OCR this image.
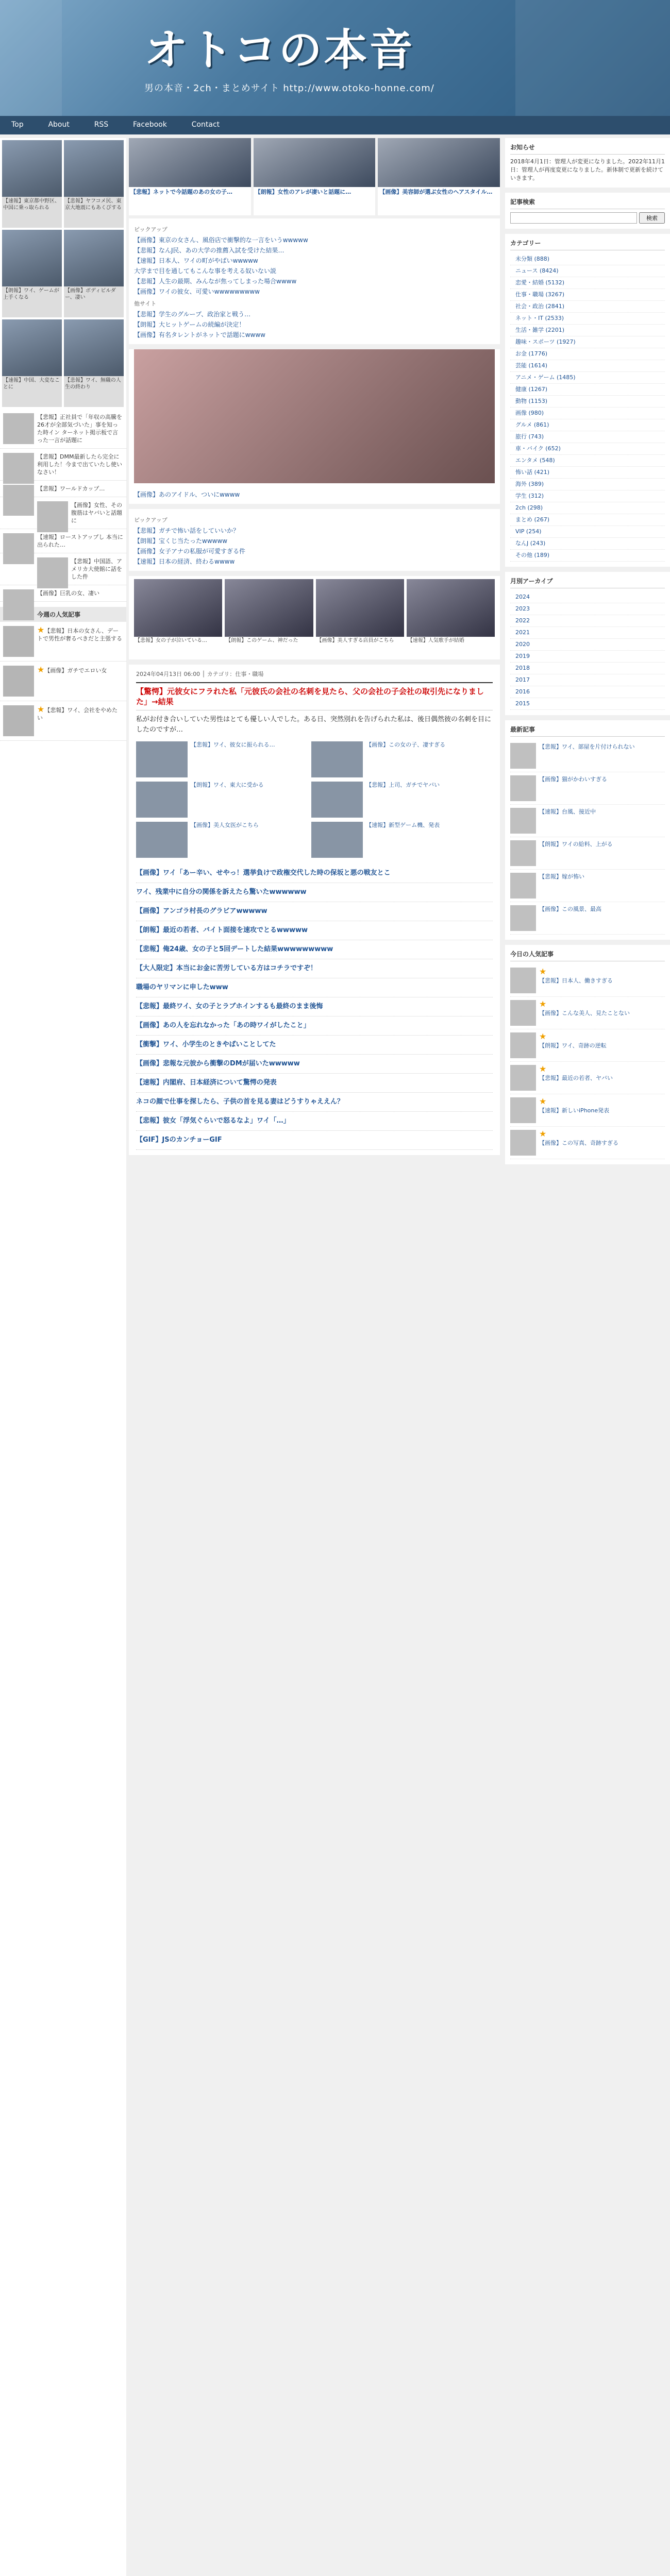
オトコの本音
男の本音・2ch・まとめサイト http://www.otoko-honne.com/
Top	About	RSS	Facebook	Contact
【速報】東京都中野区、中国に乗っ取られる
【悲報】ヤフコメ民、東京大地震にもあくびする
【朗報】ワイ、ゲームが上手くなる
【画像】ボディビルダー、凄い
【速報】中国、大変なことに
【悲報】ワイ、無職の人生の終わり
【悲報】正社員で「年収の高騰を26才が全部気づいた」事を知った時イン ターネット掲示板で言った一言が話題に
【悲報】DMM最新したら完全に利用した！今まで出ていたし使いなさい！
【悲報】ワールドカップ…
【画像】女性、その腹筋はヤバいと話題に
【速報】ローストアップし 本当に出られた…
【悲報】中国語、アメリカ大使館に話をした件
【画像】巨乳の女、凄い
今週の人気記事
★
【悲報】日本の女さん、デートで男性が奢るべきだと主張する
★
【画像】ガチでエロい女
★
【悲報】ワイ、会社をやめたい
【悲報】ネットで今話題のあの女の子…	【朗報】女性のアレが凄いと話題に…	【画像】美容師が選ぶ女性のヘアスタイル…
ピックアップ
【画像】東京の女さん、風俗店で衝撃的な一言をいうwwwww
【悲報】なんJ民、あの大学の推薦入試を受けた結果…
【速報】日本人、ワイの町がやばいwwwww
大学まで目を通してもこんな事を考える奴いない説
【悲報】人生の最期、みんなが焦ってしまった場合wwww
【画像】ワイの彼女、可愛いwwwwwwwww
他サイト
【悲報】学生のグループ、政治家と戦う…
【朗報】大ヒットゲームの続編が決定！
【画像】有名タレントがネットで話題にwwww
【画像】あのアイドル、ついにwwww
ピックアップ
【悲報】ガチで怖い話をしていいか？
【朗報】宝くじ当たったwwwww
【画像】女子アナの私服が可愛すぎる件
【速報】日本の経済、終わるwwww
【悲報】女の子が泣いている…	【朗報】このゲーム、神だった	【画像】美人すぎる店員がこちら	【速報】人気歌手が結婚
2024年04月13日 06:00 │ カテゴリ：仕事・職場
【驚愕】元彼女にフラれた私「元彼氏の会社の名刺を見たら、父の会社の子会社の取引先になりました」→結果
私がお付き合いしていた男性はとても優しい人でした。ある日、突然別れを告げられた私は、後日偶然彼の名刺を目にしたのですが…
【悲報】ワイ、彼女に振られる…	【画像】この女の子、凄すぎる
【朗報】ワイ、東大に受かる	【悲報】上司、ガチでヤバい
【画像】美人女医がこちら	【速報】新型ゲーム機、発表
【画像】ワイ「あー辛い、せやっ！選挙負けで政権交代した時の保坂と悪の戦友とこ
ワイ、残業中に自分の関係を訴えたら驚いたwwwwww
【画像】アンゴラ村長のグラビアwwwww
【朗報】最近の若者、バイト面接を速攻でとるwwwww
【悲報】俺24歳、女の子と5回デートした結果wwwwwwwww
【大人限定】本当にお金に苦労している方はコチラですぞ！
職場のヤリマンに申したwww
【悲報】最終ワイ、女の子とラブホインするも最終のまま後悔
【画像】あの人を忘れなかった「あの時ワイがしたこと」
【衝撃】ワイ、小学生のときやばいことしてた
【画像】悲報な元彼から衝撃のDMが届いたwwwww
【速報】内閣府、日本経済について驚愕の発表
ネコの顔で仕事を探したら、子供の首を見る妻はどうすりゃええん？
【悲報】彼女「浮気ぐらいで怒るなよ」ワイ「…」
【GIF】JSのカンチョーGIF
お知らせ
2018年4月1日：管理人が変更になりました。2022年11月1日：管理人が再度変更になりました。新体制で更新を続けていきます。
記事検索
検索
カテゴリー
未分類 (888)
ニュース (8424)
恋愛・結婚 (5132)
仕事・職場 (3267)
社会・政治 (2841)
ネット・IT (2533)
生活・雑学 (2201)
趣味・スポーツ (1927)
お金 (1776)
芸能 (1614)
アニメ・ゲーム (1485)
健康 (1267)
動物 (1153)
画像 (980)
グルメ (861)
旅行 (743)
車・バイク (652)
エンタメ (548)
怖い話 (421)
海外 (389)
学生 (312)
2ch (298)
まとめ (267)
VIP (254)
なんJ (243)
その他 (189)
月別アーカイブ
2024
2023
2022
2021
2020
2019
2018
2017
2016
2015
最新記事
【悲報】ワイ、部屋を片付けられない
【画像】猫がかわいすぎる
【速報】台風、接近中
【朗報】ワイの給料、上がる
【悲報】嫁が怖い
【画像】この風景、最高
今日の人気記事
★
【悲報】日本人、働きすぎる
★
【画像】こんな美人、見たことない
★
【朗報】ワイ、奇跡の逆転
★
【悲報】最近の若者、ヤバい
★
【速報】新しいiPhone発表
★
【画像】この写真、奇跡すぎる
